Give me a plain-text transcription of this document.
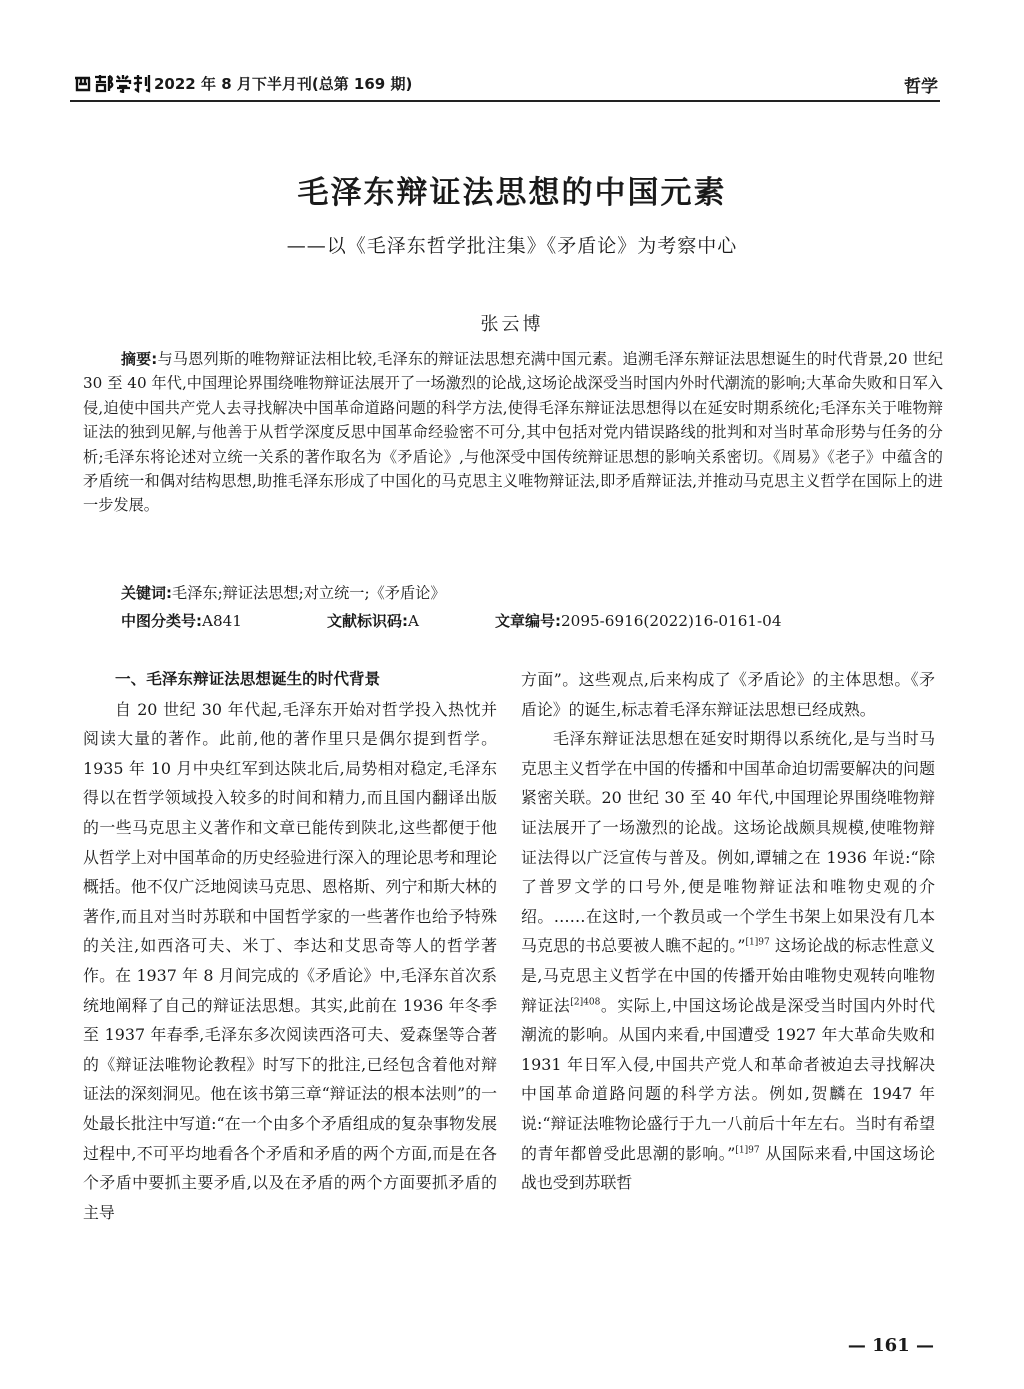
2022 年 8 月下半月刊(总第 169 期)	哲学
毛泽东辩证法思想的中国元素
——以《毛泽东哲学批注集》《矛盾论》为考察中心
张云博
摘要:与马恩列斯的唯物辩证法相比较,毛泽东的辩证法思想充满中国元素。追溯毛泽东辩证法思想诞生的时代背景,20 世纪 30 至 40 年代,中国理论界围绕唯物辩证法展开了一场激烈的论战,这场论战深受当时国内外时代潮流的影响;大革命失败和日军入侵,迫使中国共产党人去寻找解决中国革命道路问题的科学方法,使得毛泽东辩证法思想得以在延安时期系统化;毛泽东关于唯物辩证法的独到见解,与他善于从哲学深度反思中国革命经验密不可分,其中包括对党内错误路线的批判和对当时革命形势与任务的分析;毛泽东将论述对立统一关系的著作取名为《矛盾论》,与他深受中国传统辩证思想的影响关系密切。《周易》《老子》中蕴含的矛盾统一和偶对结构思想,助推毛泽东形成了中国化的马克思主义唯物辩证法,即矛盾辩证法,并推动马克思主义哲学在国际上的进一步发展。
关键词:毛泽东;辩证法思想;对立统一;《矛盾论》
中图分类号:A841	文献标识码:A	文章编号:2095-6916(2022)16-0161-04
一、毛泽东辩证法思想诞生的时代背景

自 20 世纪 30 年代起,毛泽东开始对哲学投入热忱并阅读大量的著作。此前,他的著作里只是偶尔提到哲学。1935 年 10 月中央红军到达陕北后,局势相对稳定,毛泽东得以在哲学领域投入较多的时间和精力,而且国内翻译出版的一些马克思主义著作和文章已能传到陕北,这些都便于他从哲学上对中国革命的历史经验进行深入的理论思考和理论概括。他不仅广泛地阅读马克思、恩格斯、列宁和斯大林的著作,而且对当时苏联和中国哲学家的一些著作也给予特殊的关注,如西洛可夫、米丁、李达和艾思奇等人的哲学著作。在 1937 年 8 月间完成的《矛盾论》中,毛泽东首次系统地阐释了自己的辩证法思想。其实,此前在 1936 年冬季至 1937 年春季,毛泽东多次阅读西洛可夫、爱森堡等合著的《辩证法唯物论教程》时写下的批注,已经包含着他对辩证法的深刻洞见。他在该书第三章“辩证法的根本法则”的一处最长批注中写道:“在一个由多个矛盾组成的复杂事物发展过程中,不可平均地看各个矛盾和矛盾的两个方面,而是在各个矛盾中要抓主要矛盾,以及在矛盾的两个方面要抓矛盾的主导

方面”。这些观点,后来构成了《矛盾论》的主体思想。《矛盾论》的诞生,标志着毛泽东辩证法思想已经成熟。

毛泽东辩证法思想在延安时期得以系统化,是与当时马克思主义哲学在中国的传播和中国革命迫切需要解决的问题紧密关联。20 世纪 30 至 40 年代,中国理论界围绕唯物辩证法展开了一场激烈的论战。这场论战颇具规模,使唯物辩证法得以广泛宣传与普及。例如,谭辅之在 1936 年说:“除了普罗文学的口号外,便是唯物辩证法和唯物史观的介绍。……在这时,一个教员或一个学生书架上如果没有几本马克思的书总要被人瞧不起的。”$^{[1]97}$ 这场论战的标志性意义是,马克思主义哲学在中国的传播开始由唯物史观转向唯物辩证法$^{[2]408}$。实际上,中国这场论战是深受当时国内外时代潮流的影响。从国内来看,中国遭受 1927 年大革命失败和 1931 年日军入侵,中国共产党人和革命者被迫去寻找解决中国革命道路问题的科学方法。例如,贺麟在 1947 年说:“辩证法唯物论盛行于九一八前后十年左右。当时有希望的青年都曾受此思潮的影响。”$^{[1]97}$ 从国际来看,中国这场论战也受到苏联哲

— 161 —
